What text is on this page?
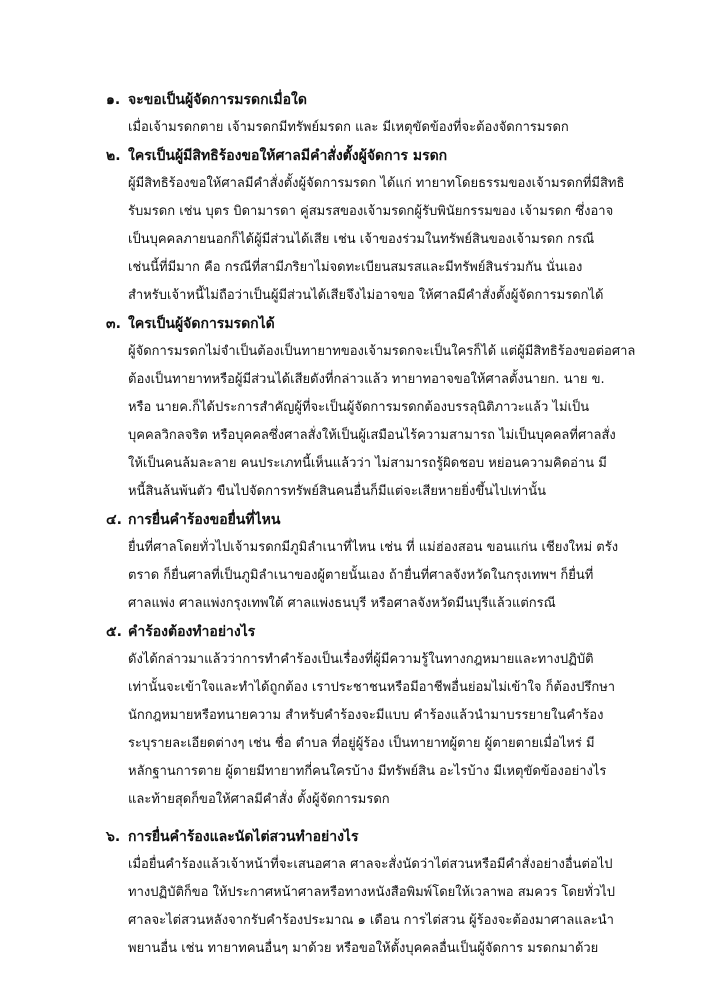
๑. จะขอเป็นผู้จัดการมรดกเมื่อใด
เมื่อเจ้ามรดกตาย เจ้ามรดกมีทรัพย์มรดก และ มีเหตุขัดข้องที่จะต้องจัดการมรดก
๒. ใครเป็นผู้มีสิทธิร้องขอให้ศาลมีคำสั่งตั้งผู้จัดการ มรดก
ผู้มีสิทธิร้องขอให้ศาลมีคำสั่งตั้งผู้จัดการมรดก ได้แก่ ทายาทโดยธรรมของเจ้ามรดกที่มีสิทธิ
รับมรดก เช่น บุตร บิดามารดา คู่สมรสของเจ้ามรดกผู้รับพินัยกรรมของ เจ้ามรดก ซึ่งอาจ
เป็นบุคคลภายนอกก็ได้ผู้มีส่วนได้เสีย เช่น เจ้าของร่วมในทรัพย์สินของเจ้ามรดก กรณี
เช่นนี้ที่มีมาก คือ กรณีที่สามีภริยาไม่จดทะเบียนสมรสและมีทรัพย์สินร่วมกัน นั่นเอง
สำหรับเจ้าหนี้ไม่ถือว่าเป็นผู้มีส่วนได้เสียจึงไม่อาจขอ ให้ศาลมีคำสั่งตั้งผู้จัดการมรดกได้
๓. ใครเป็นผู้จัดการมรดกได้
ผู้จัดการมรดกไม่จำเป็นต้องเป็นทายาทของเจ้ามรดกจะเป็นใครก็ได้ แต่ผู้มีสิทธิร้องขอต่อศาล
ต้องเป็นทายาทหรือผู้มีส่วนได้เสียดังที่กล่าวแล้ว ทายาทอาจขอให้ศาลตั้งนายก. นาย ข.
หรือ นายค.ก็ได้ประการสำคัญผู้ที่จะเป็นผู้จัดการมรดกต้องบรรลุนิติภาวะแล้ว ไม่เป็น
บุคคลวิกลจริต หรือบุคคลซึ่งศาลสั่งให้เป็นผู้เสมือนไร้ความสามารถ ไม่เป็นบุคคลที่ศาลสั่ง
ให้เป็นคนล้มละลาย คนประเภทนี้เห็นแล้วว่า ไม่สามารถรู้ผิดชอบ หย่อนความคิดอ่าน มี
หนี้สินล้นพ้นตัว ขืนไปจัดการทรัพย์สินคนอื่นก็มีแต่จะเสียหายยิ่งขึ้นไปเท่านั้น
๔. การยื่นคำร้องขอยื่นที่ไหน
ยื่นที่ศาลโดยทั่วไปเจ้ามรดกมีภูมิลำเนาที่ไหน เช่น ที่ แม่ฮ่องสอน ขอนแก่น เชียงใหม่ ตรัง
ตราด ก็ยื่นศาลที่เป็นภูมิลำเนาของผู้ตายนั้นเอง ถ้ายื่นที่ศาลจังหวัดในกรุงเทพฯ ก็ยื่นที่
ศาลแพ่ง ศาลแพ่งกรุงเทพใต้ ศาลแพ่งธนบุรี หรือศาลจังหวัดมีนบุรีแล้วแต่กรณี
๕. คำร้องต้องทำอย่างไร
ดังได้กล่าวมาแล้วว่าการทำคำร้องเป็นเรื่องที่ผู้มีความรู้ในทางกฎหมายและทางปฏิบัติ
เท่านั้นจะเข้าใจและทำได้ถูกต้อง เราประชาชนหรือมีอาชีพอื่นย่อมไม่เข้าใจ ก็ต้องปรึกษา
นักกฎหมายหรือทนายความ สำหรับคำร้องจะมีแบบ คำร้องแล้วนำมาบรรยายในคำร้อง
ระบุรายละเอียดต่างๆ เช่น ชื่อ ตำบล ที่อยู่ผู้ร้อง เป็นทายาทผู้ตาย ผู้ตายตายเมื่อไหร่ มี
หลักฐานการตาย ผู้ตายมีทายาทกี่คนใครบ้าง มีทรัพย์สิน อะไรบ้าง มีเหตุขัดข้องอย่างไร
และท้ายสุดก็ขอให้ศาลมีคำสั่ง ตั้งผู้จัดการมรดก
๖. การยื่นคำร้องและนัดไต่สวนทำอย่างไร
เมื่อยื่นคำร้องแล้วเจ้าหน้าที่จะเสนอศาล ศาลจะสั่งนัดว่าไต่สวนหรือมีคำสั่งอย่างอื่นต่อไป
ทางปฏิบัติก็ขอ ให้ประกาศหน้าศาลหรือทางหนังสือพิมพ์โดยให้เวลาพอ สมควร โดยทั่วไป
ศาลจะไต่สวนหลังจากรับคำร้องประมาณ ๑ เดือน การไต่สวน ผู้ร้องจะต้องมาศาลและนำ
พยานอื่น เช่น ทายาทคนอื่นๆ มาด้วย หรือขอให้ตั้งบุคคลอื่นเป็นผู้จัดการ มรดกมาด้วย
